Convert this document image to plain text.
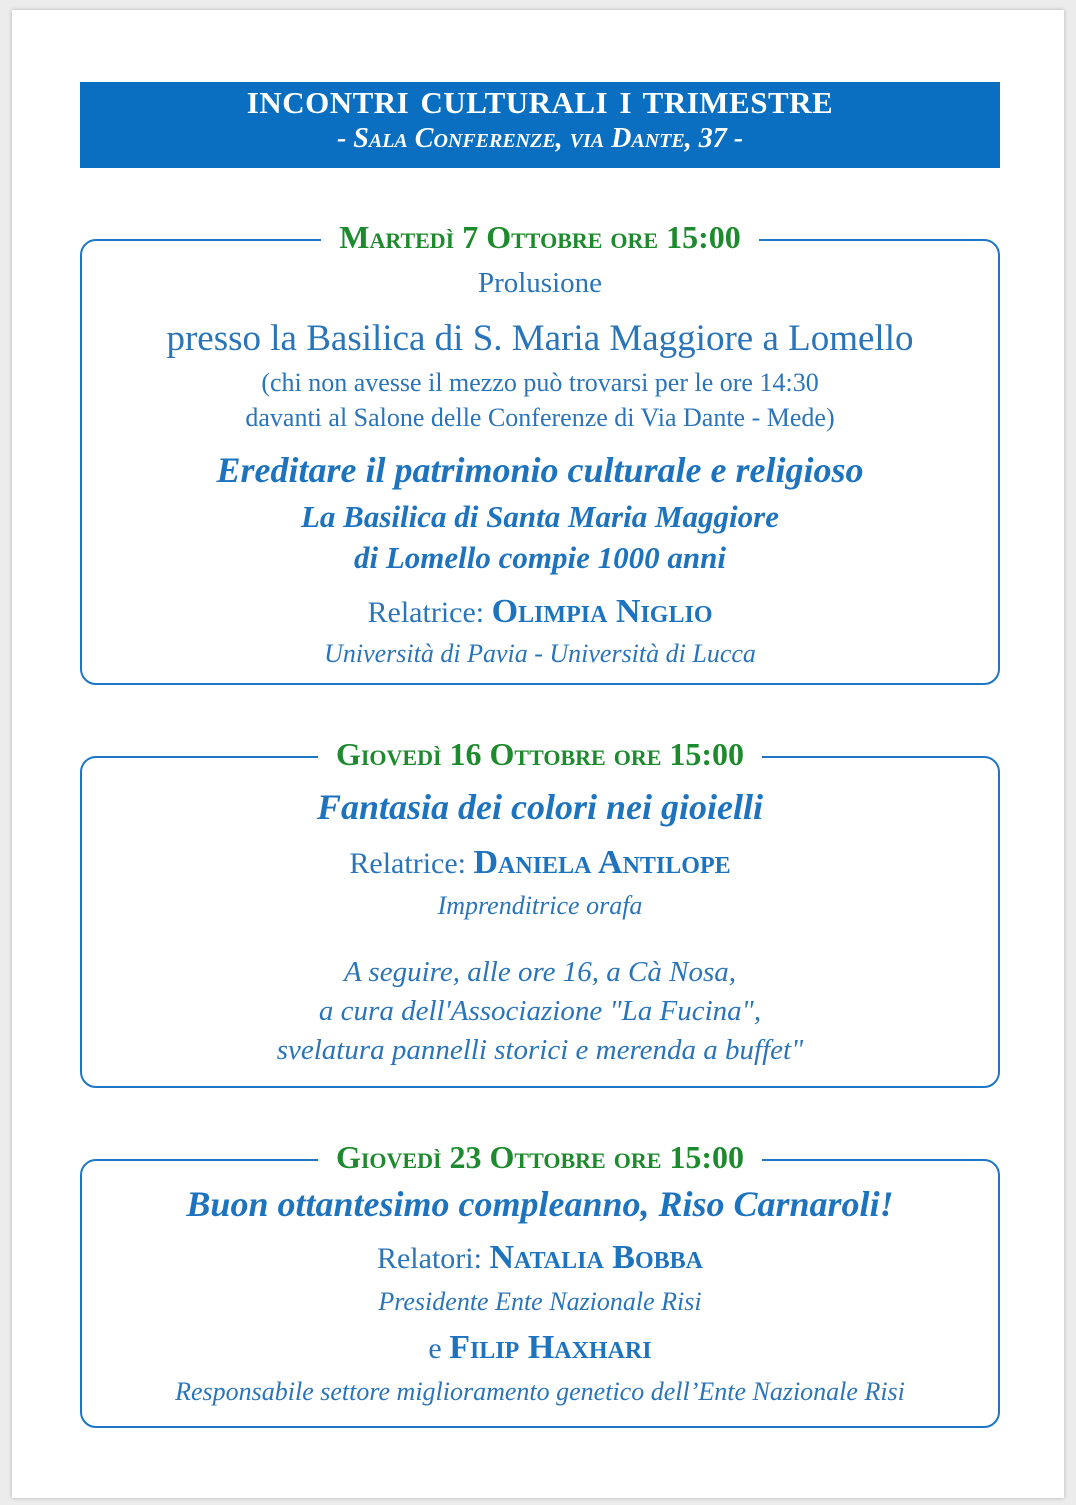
INCONTRI CULTURALI I TRIMESTRE
- Sala Conferenze, via Dante, 37 -
Martedì 7 Ottobre ore 15:00
Prolusione
presso la Basilica di S. Maria Maggiore a Lomello
(chi non avesse il mezzo può trovarsi per le ore 14:30
davanti al Salone delle Conferenze di Via Dante - Mede)
Ereditare il patrimonio culturale e religioso
La Basilica di Santa Maria Maggiore
di Lomello compie 1000 anni
Relatrice: Olimpia Niglio
Università di Pavia - Università di Lucca
Giovedì 16 Ottobre ore 15:00
Fantasia dei colori nei gioielli
Relatrice: Daniela Antilope
Imprenditrice orafa
A seguire, alle ore 16, a Cà Nosa,
a cura dell'Associazione "La Fucina",
svelatura pannelli storici e merenda a buffet"
Giovedì 23 Ottobre ore 15:00
Buon ottantesimo compleanno, Riso Carnaroli!
Relatori: Natalia Bobba
Presidente Ente Nazionale Risi
e Filip Haxhari
Responsabile settore miglioramento genetico dell’Ente Nazionale Risi
